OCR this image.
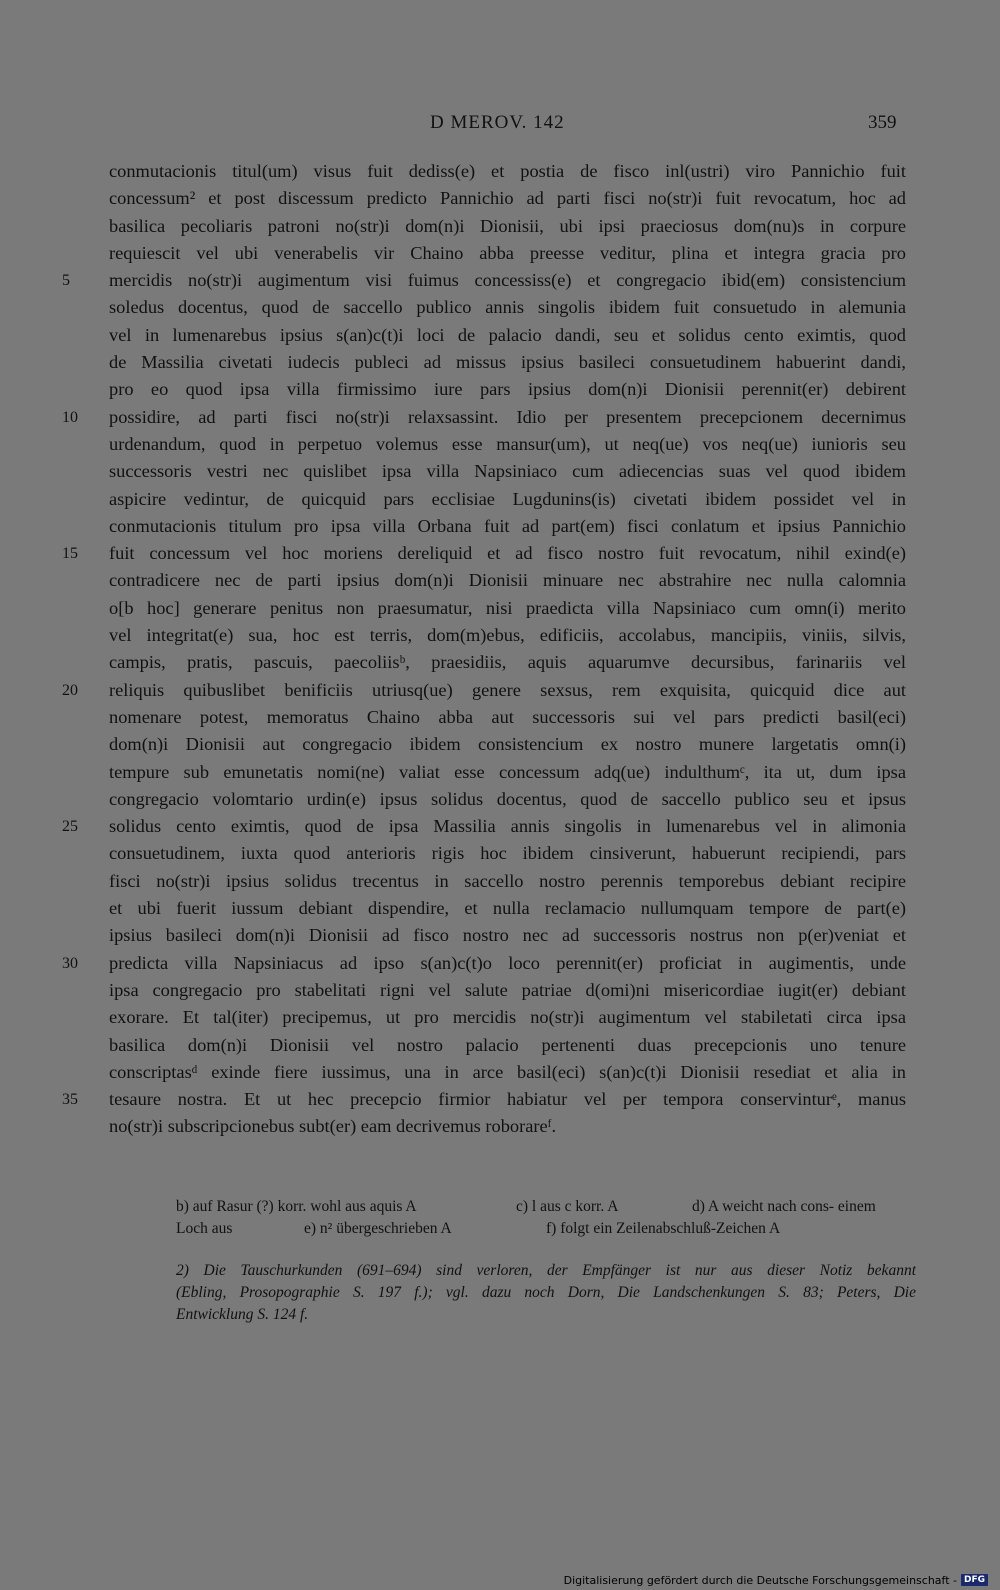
D MEROV. 142	359
conmutacionis titul(um) visus fuit dediss(e) et postia de fisco inl(ustri) viro Pannichio fuit
concessum² et post discessum predicto Pannichio ad parti fisci no(str)i fuit revocatum, hoc ad
basilica pecoliaris patroni no(str)i dom(n)i Dionisii, ubi ipsi praeciosus dom(nu)s in corpure
requiescit vel ubi venerabelis vir Chaino abba preesse veditur, plina et integra gracia pro
5	mercidis no(str)i augimentum visi fuimus concessiss(e) et congregacio ibid(em) consistencium
soledus docentus, quod de saccello publico annis singolis ibidem fuit consuetudo in alemunia
vel in lumenarebus ipsius s(an)c(t)i loci de palacio dandi, seu et solidus cento eximtis, quod
de Massilia civetati iudecis publeci ad missus ipsius basileci consuetudinem habuerint dandi,
pro eo quod ipsa villa firmissimo iure pars ipsius dom(n)i Dionisii perennit(er) debirent
10	possidire, ad parti fisci no(str)i relaxsassint. Idio per presentem precepcionem decernimus
urdenandum, quod in perpetuo volemus esse mansur(um), ut neq(ue) vos neq(ue) iunioris seu
successoris vestri nec quislibet ipsa villa Napsiniaco cum adiecencias suas vel quod ibidem
aspicire vedintur, de quicquid pars ecclisiae Lugdunins(is) civetati ibidem possidet vel in
conmutacionis titulum pro ipsa villa Orbana fuit ad part(em) fisci conlatum et ipsius Pannichio
15	fuit concessum vel hoc moriens dereliquid et ad fisco nostro fuit revocatum, nihil exind(e)
contradicere nec de parti ipsius dom(n)i Dionisii minuare nec abstrahire nec nulla calomnia
o[b hoc] generare penitus non praesumatur, nisi praedicta villa Napsiniaco cum omn(i) merito
vel integritat(e) sua, hoc est terris, dom(m)ebus, edificiis, accolabus, mancipiis, viniis, silvis,
campis, pratis, pascuis, paecoliisᵇ, praesidiis, aquis aquarumve decursibus, farinariis vel
20	reliquis quibuslibet benificiis utriusq(ue) genere sexsus, rem exquisita, quicquid dice aut
nomenare potest, memoratus Chaino abba aut successoris sui vel pars predicti basil(eci)
dom(n)i Dionisii aut congregacio ibidem consistencium ex nostro munere largetatis omn(i)
tempure sub emunetatis nomi(ne) valiat esse concessum adq(ue) indulthumᶜ, ita ut, dum ipsa
congregacio volomtario urdin(e) ipsus solidus docentus, quod de saccello publico seu et ipsus
25	solidus cento eximtis, quod de ipsa Massilia annis singolis in lumenarebus vel in alimonia
consuetudinem, iuxta quod anterioris rigis hoc ibidem cinsiverunt, habuerunt recipiendi, pars
fisci no(str)i ipsius solidus trecentus in saccello nostro perennis temporebus debiant recipire
et ubi fuerit iussum debiant dispendire, et nulla reclamacio nullumquam tempore de part(e)
ipsius basileci dom(n)i Dionisii ad fisco nostro nec ad successoris nostrus non p(er)veniat et
30	predicta villa Napsiniacus ad ipso s(an)c(t)o loco perennit(er) proficiat in augimentis, unde
ipsa congregacio pro stabelitati rigni vel salute patriae d(omi)ni misericordiae iugit(er) debiant
exorare. Et tal(iter) precipemus, ut pro mercidis no(str)i augimentum vel stabiletati circa ipsa
basilica dom(n)i Dionisii vel nostro palacio pertenenti duas precepcionis uno tenure
conscriptasᵈ exinde fiere iussimus, una in arce basil(eci) s(an)c(t)i Dionisii resediat et alia in
35	tesaure nostra. Et ut hec precepcio firmior habiatur vel per tempora conservinturᵉ, manus
no(str)i subscripcionebus subt(er) eam decrivemus roborareᶠ.
b) auf Rasur (?) korr. wohl aus aquis A	c) l aus c korr. A	d) A weicht nach cons- einem
Loch aus	e) n² übergeschrieben A	f) folgt ein Zeilenabschluß-Zeichen A
2) Die Tauschurkunden (691–694) sind verloren, der Empfänger ist nur aus dieser Notiz bekannt
(Ebling, Prosopographie S. 197 f.); vgl. dazu noch Dorn, Die Landschenkungen S. 83; Peters, Die
Entwicklung S. 124 f.
Digitalisierung gefördert durch die Deutsche Forschungsgemeinschaft - DFG
